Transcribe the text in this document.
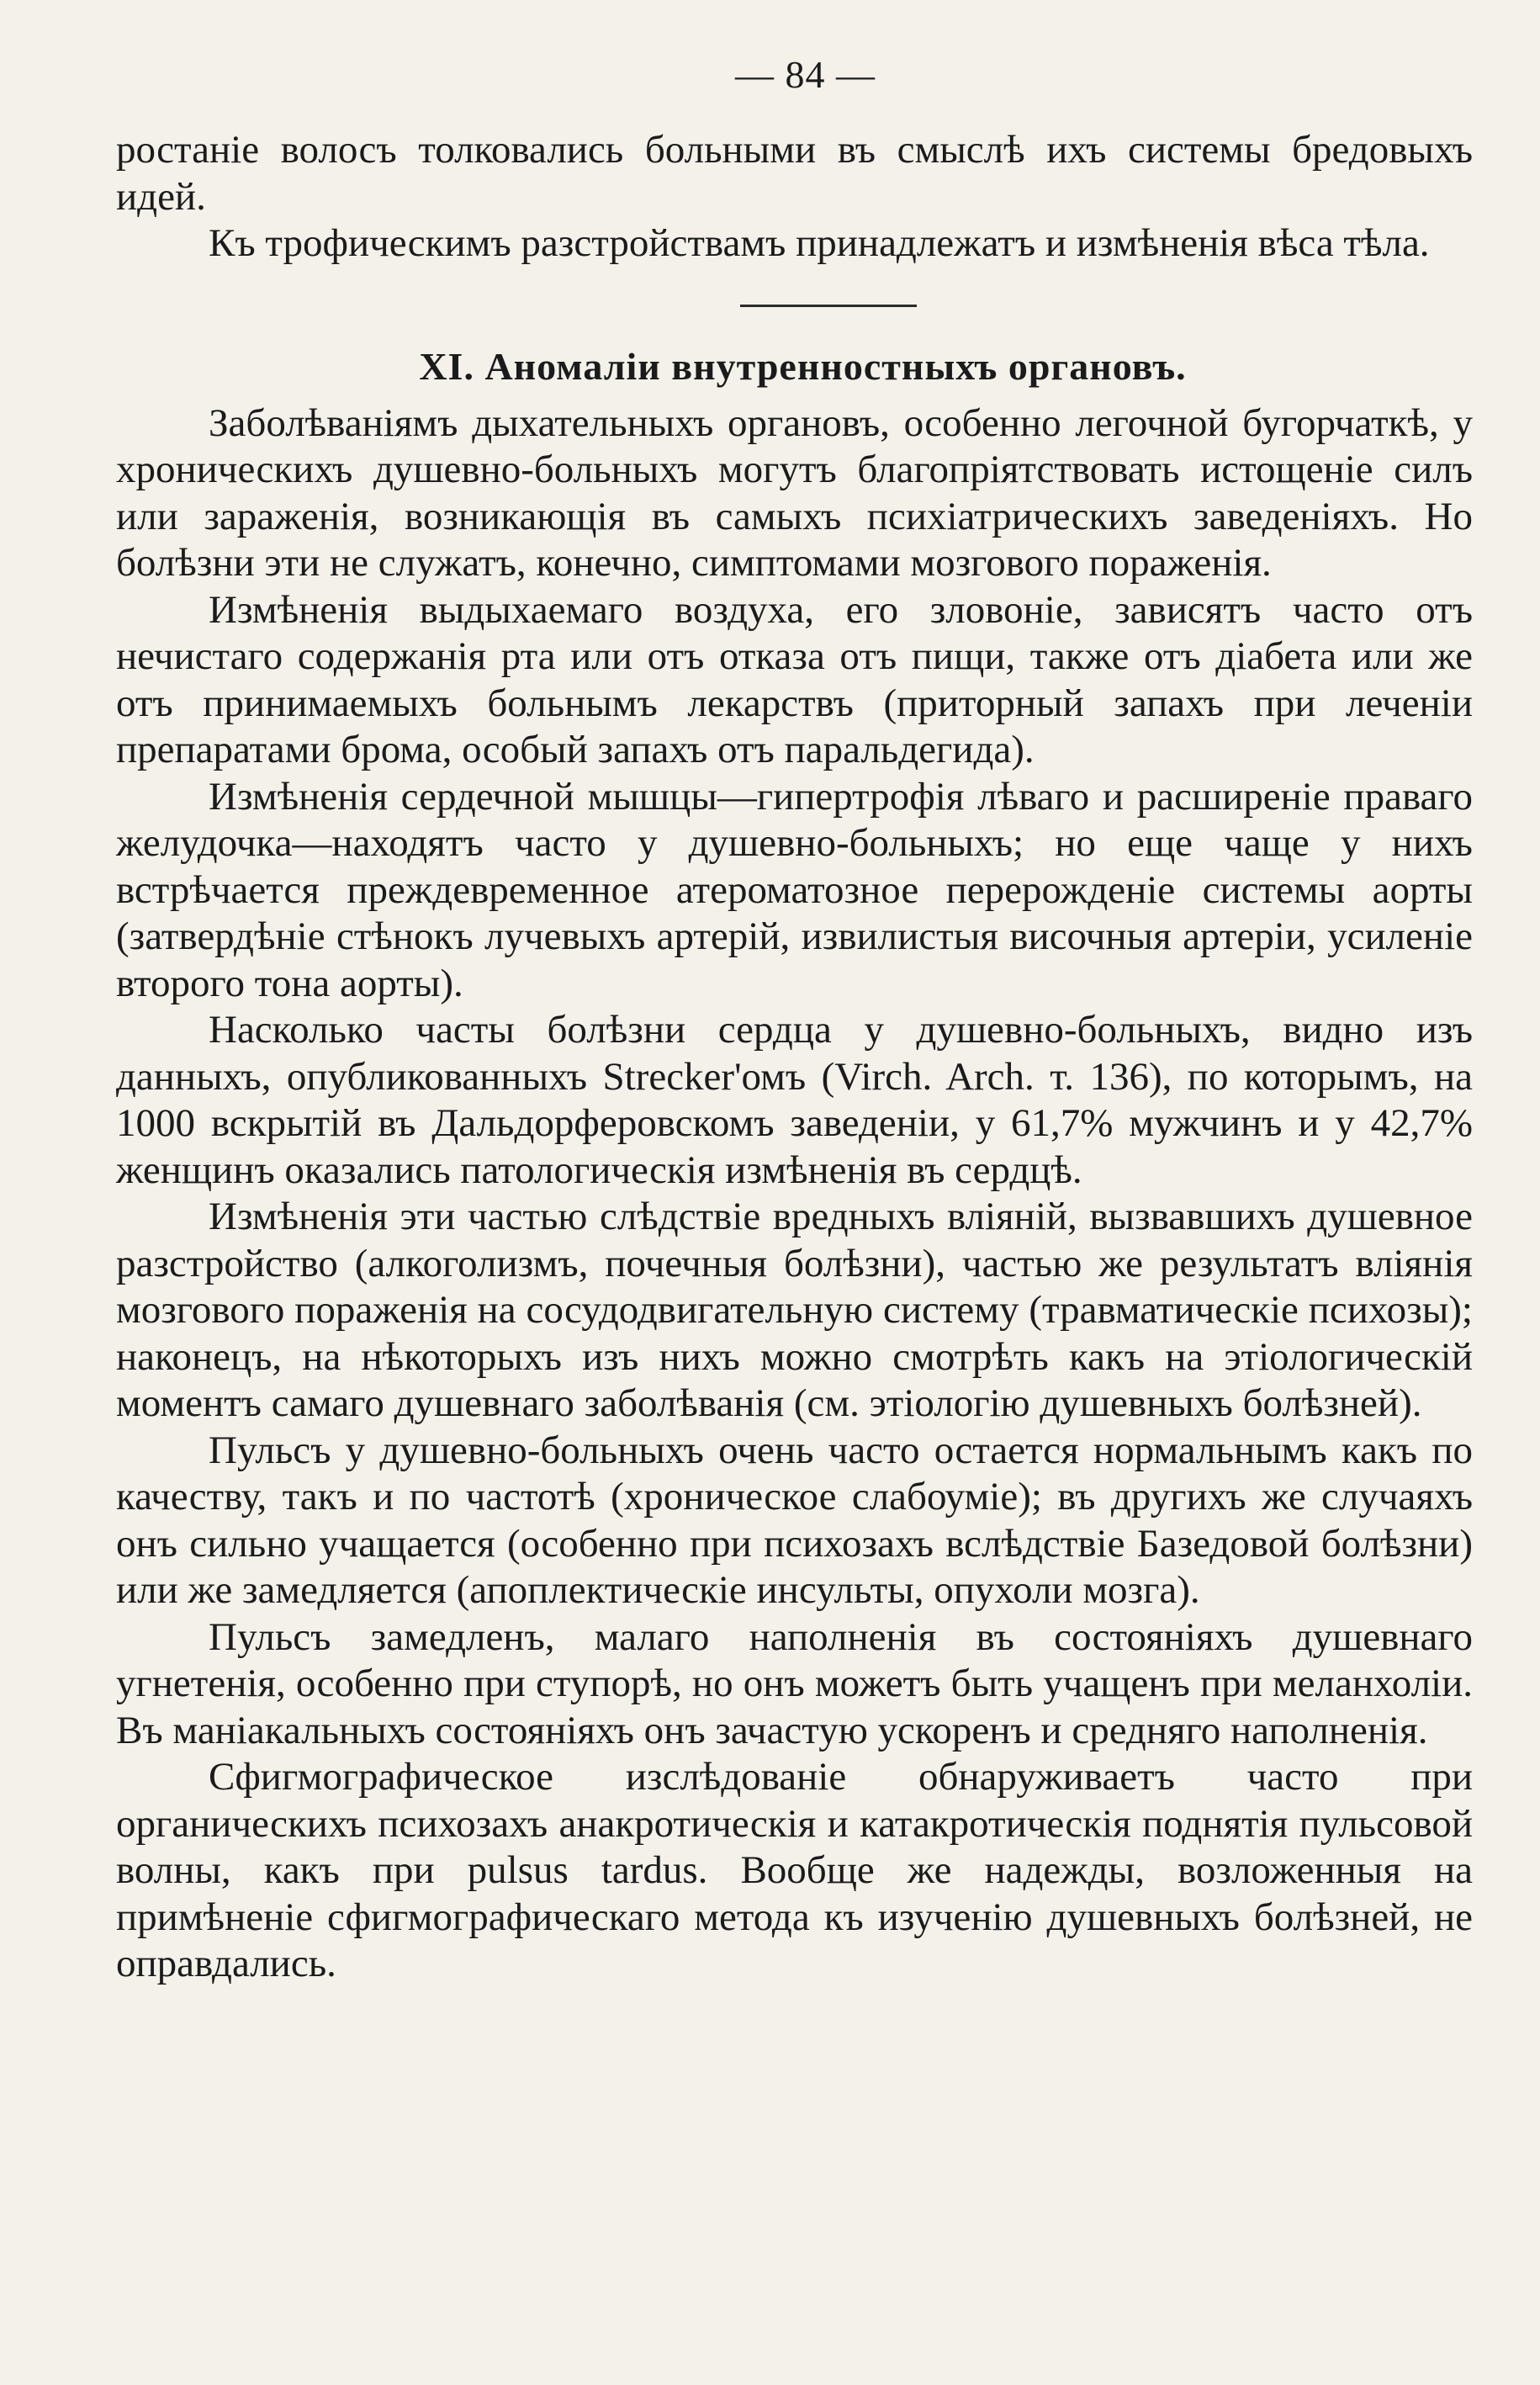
— 84 —

ростаніе волосъ толковались больными въ смыслѣ ихъ системы бредовыхъ идей.

Къ трофическимъ разстройствамъ принадлежатъ и измѣненія вѣса тѣла.

XI. Аномаліи внутренностныхъ органовъ.

Заболѣваніямъ дыхательныхъ органовъ, особенно легочной бугорчаткѣ, у хроническихъ душевно-больныхъ могутъ благопріятствовать истощеніе силъ или зараженія, возникающія въ самыхъ психіатрическихъ заведеніяхъ. Но болѣзни эти не служатъ, конечно, симптомами мозгового пораженія.

Измѣненія выдыхаемаго воздуха, его зловоніе, зависятъ часто отъ нечистаго содержанія рта или отъ отказа отъ пищи, также отъ діабета или же отъ принимаемыхъ больнымъ лекарствъ (приторный запахъ при леченіи препаратами брома, особый запахъ отъ паральдегида).

Измѣненія сердечной мышцы—гипертрофія лѣваго и расширеніе праваго желудочка—находятъ часто у душевно-больныхъ; но еще чаще у нихъ встрѣчается преждевременное атероматозное перерожденіе системы аорты (затвердѣніе стѣнокъ лучевыхъ артерій, извилистыя височныя артеріи, усиленіе второго тона аорты).

Насколько часты болѣзни сердца у душевно-больныхъ, видно изъ данныхъ, опубликованныхъ Strecker'омъ (Virch. Arch. т. 136), по которымъ, на 1000 вскрытій въ Дальдорферовскомъ заведеніи, у 61,7% мужчинъ и у 42,7% женщинъ оказались патологическія измѣненія въ сердцѣ.

Измѣненія эти частью слѣдствіе вредныхъ вліяній, вызвавшихъ душевное разстройство (алкоголизмъ, почечныя болѣзни), частью же результатъ вліянія мозгового пораженія на сосудодвигательную систему (травматическіе психозы); наконецъ, на нѣкоторыхъ изъ нихъ можно смотрѣть какъ на этіологическій моментъ самаго душевнаго заболѣванія (см. этіологію душевныхъ болѣзней).

Пульсъ у душевно-больныхъ очень часто остается нормальнымъ какъ по качеству, такъ и по частотѣ (хроническое слабоуміе); въ другихъ же случаяхъ онъ сильно учащается (особенно при психозахъ вслѣдствіе Базедовой болѣзни) или же замедляется (апоплектическіе инсульты, опухоли мозга).

Пульсъ замедленъ, малаго наполненія въ состояніяхъ душевнаго угнетенія, особенно при ступорѣ, но онъ можетъ быть учащенъ при меланхоліи. Въ маніакальныхъ состояніяхъ онъ зачастую ускоренъ и средняго наполненія.

Сфигмографическое изслѣдованіе обнаруживаетъ часто при органическихъ психозахъ анакротическія и катакротическія поднятія пульсовой волны, какъ при pulsus tardus. Вообще же надежды, возложенныя на примѣненіе сфигмографическаго метода къ изученію душевныхъ болѣзней, не оправдались.
